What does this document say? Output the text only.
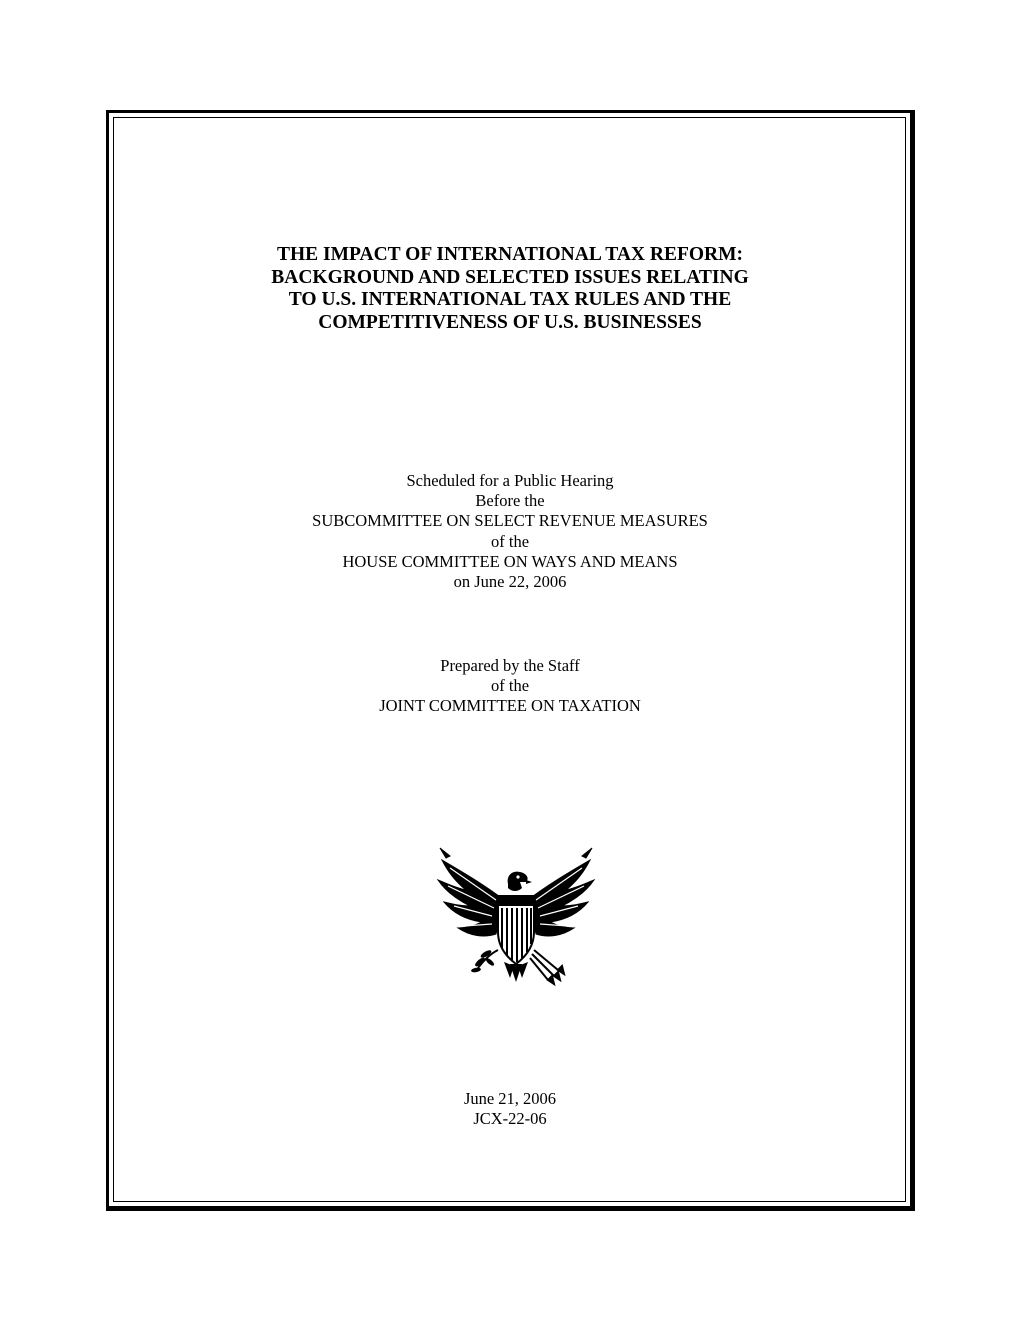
THE IMPACT OF INTERNATIONAL TAX REFORM:
BACKGROUND AND SELECTED ISSUES RELATING
TO U.S. INTERNATIONAL TAX RULES AND THE
COMPETITIVENESS OF U.S. BUSINESSES
Scheduled for a Public Hearing
Before the
SUBCOMMITTEE ON SELECT REVENUE MEASURES
of the
HOUSE COMMITTEE ON WAYS AND MEANS
on June 22, 2006
Prepared by the Staff
of the
JOINT COMMITTEE ON TAXATION
June 21, 2006
JCX-22-06
